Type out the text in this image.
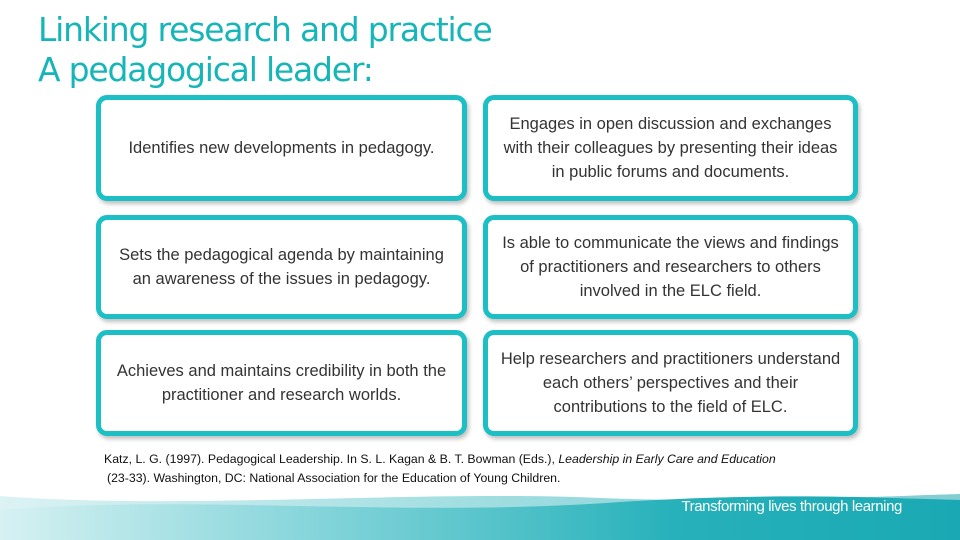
Linking research and practice
A pedagogical leader:
Identifies new developments in pedagogy.
Engages in open discussion and exchanges with their colleagues by presenting their ideas in public forums and documents.
Sets the pedagogical agenda by maintaining an awareness of the issues in pedagogy.
Is able to communicate the views and findings of practitioners and researchers to others involved in the ELC field.
Achieves and maintains credibility in both the practitioner and research worlds.
Help researchers and practitioners understand each others’ perspectives and their contributions to the field of ELC.
Katz, L. G. (1997). Pedagogical Leadership. In S. L. Kagan & B. T. Bowman (Eds.), Leadership in Early Care and Education
(23-33). Washington, DC: National Association for the Education of Young Children.
Transforming lives through learning
